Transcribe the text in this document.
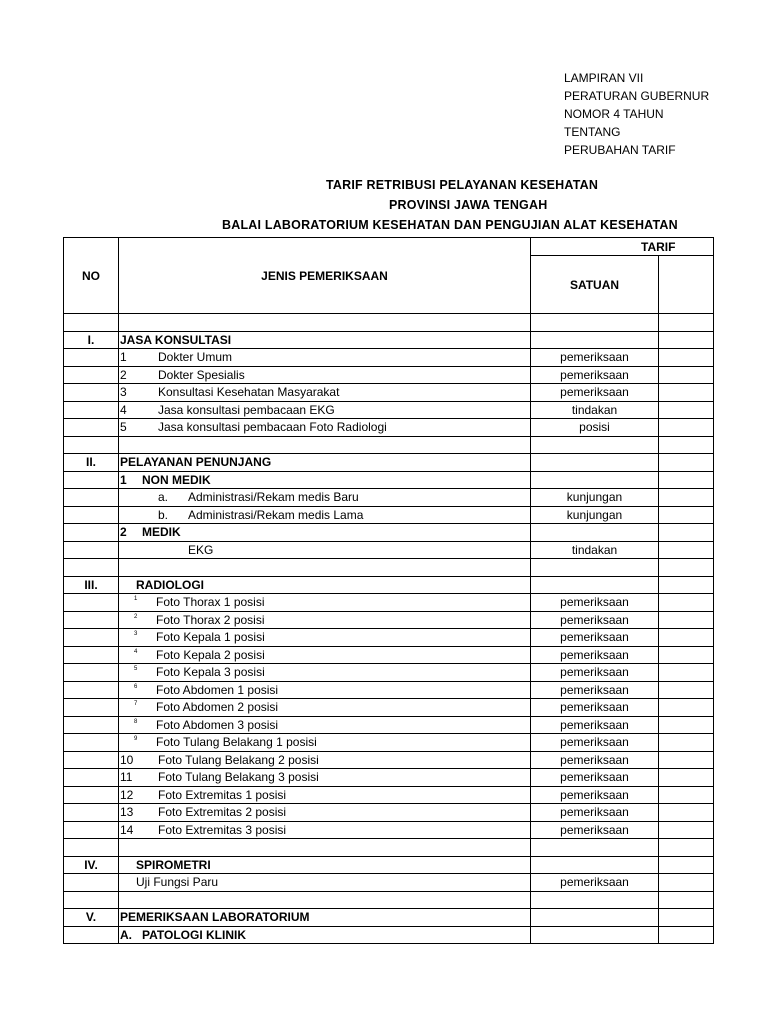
LAMPIRAN VII
PERATURAN GUBERNUR
NOMOR 4 TAHUN
TENTANG
PERUBAHAN TARIF
TARIF RETRIBUSI PELAYANAN KESEHATAN
PROVINSI JAWA TENGAH
BALAI LABORATORIUM KESEHATAN DAN PENGUJIAN ALAT KESEHATAN
NO	JENIS PEMERIKSAAN	TARIF	
		SATUAN	

I.	JASA KONSULTASI		
	1 Dokter Umum	pemeriksaan	
	2 Dokter Spesialis	pemeriksaan	
	3 Konsultasi Kesehatan Masyarakat	pemeriksaan	
	4 Jasa konsultasi pembacaan EKG	tindakan	
	5 Jasa konsultasi pembacaan Foto Radiologi	posisi	

II.	PELAYANAN PENUNJANG		
	1 NON MEDIK		
	a. Administrasi/Rekam medis Baru	kunjungan	
	b. Administrasi/Rekam medis Lama	kunjungan	
	2 MEDIK		
	EKG	tindakan	

III.	RADIOLOGI		
	1 Foto Thorax 1 posisi	pemeriksaan	
	2 Foto Thorax 2 posisi	pemeriksaan	
	3 Foto Kepala 1 posisi	pemeriksaan	
	4 Foto Kepala 2 posisi	pemeriksaan	
	5 Foto Kepala 3 posisi	pemeriksaan	
	6 Foto Abdomen 1 posisi	pemeriksaan	
	7 Foto Abdomen 2 posisi	pemeriksaan	
	8 Foto Abdomen 3 posisi	pemeriksaan	
	9 Foto Tulang Belakang 1 posisi	pemeriksaan	
	10 Foto Tulang Belakang 2 posisi	pemeriksaan	
	11 Foto Tulang Belakang 3 posisi	pemeriksaan	
	12 Foto Extremitas 1 posisi	pemeriksaan	
	13 Foto Extremitas 2 posisi	pemeriksaan	
	14 Foto Extremitas 3 posisi	pemeriksaan	

IV.	SPIROMETRI		
	Uji Fungsi Paru	pemeriksaan	

V.	PEMERIKSAAN LABORATORIUM		
	A. PATOLOGI KLINIK		
